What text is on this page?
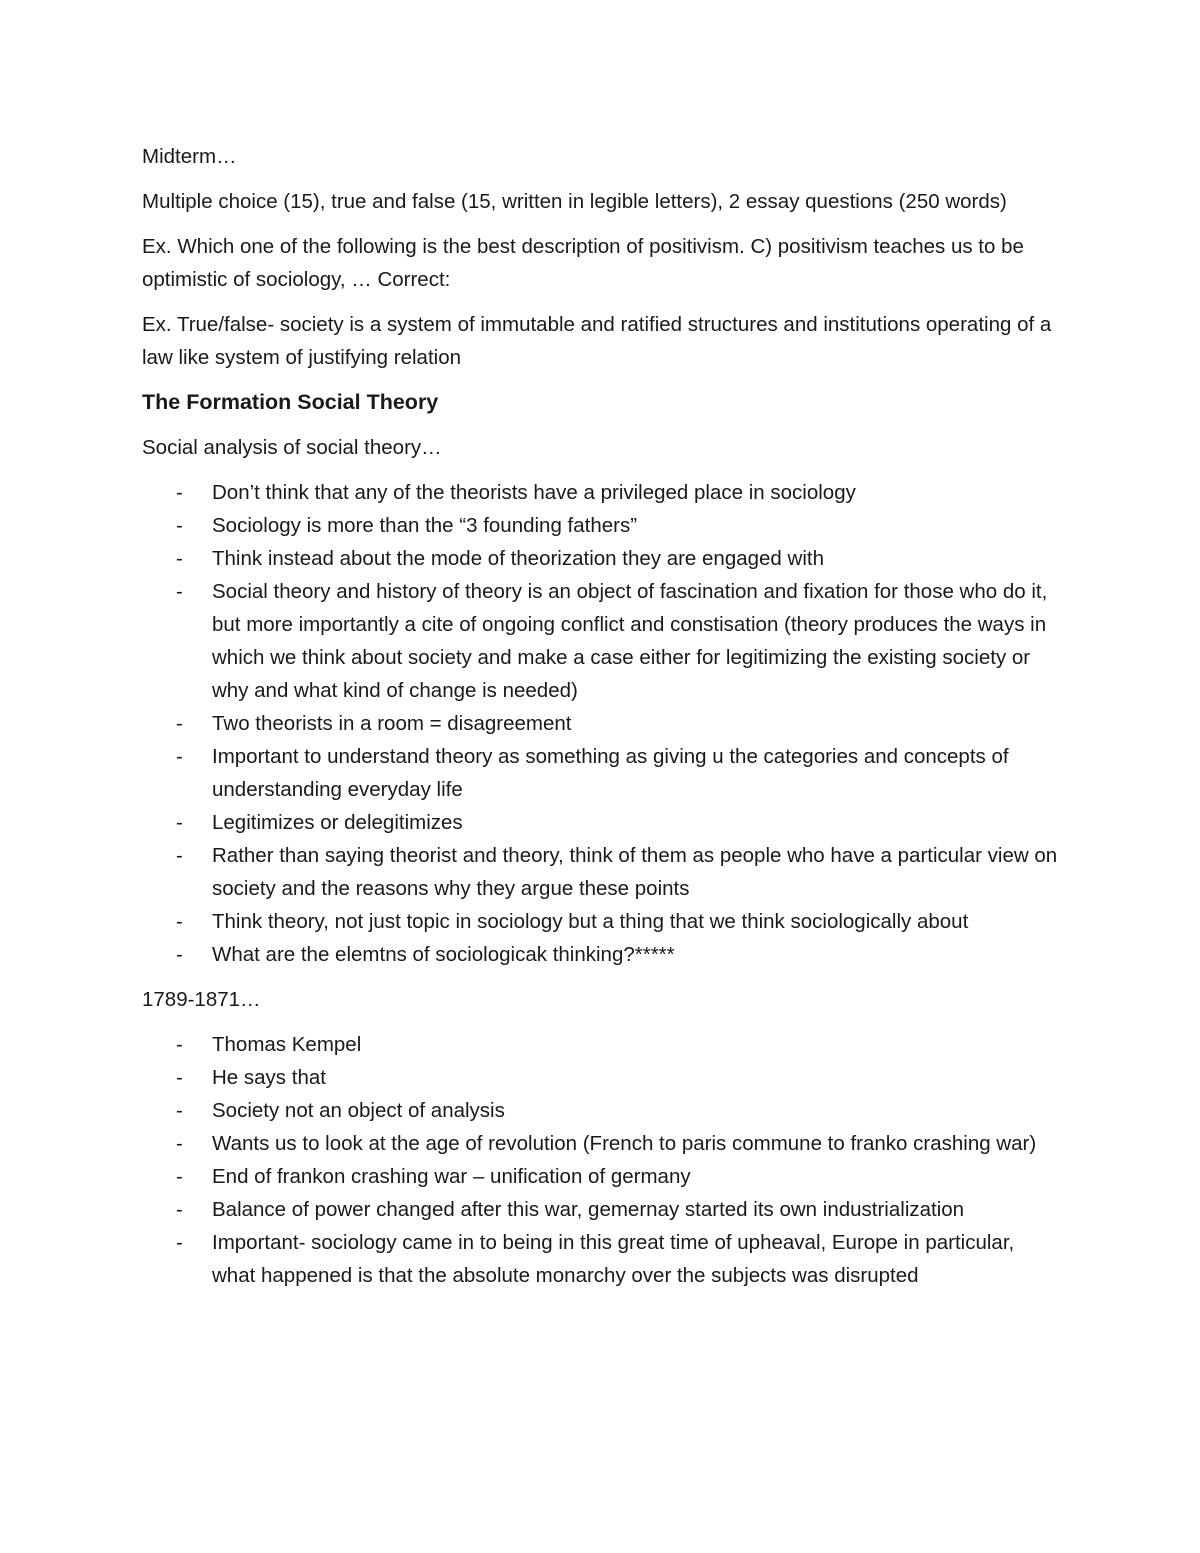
Midterm…

Multiple choice (15), true and false (15, written in legible letters), 2 essay questions (250 words)

Ex. Which one of the following is the best description of positivism. C) positivism teaches us to be optimistic of sociology, … Correct:

Ex. True/false- society is a system of immutable and ratified structures and institutions operating of a law like system of justifying relation

The Formation Social Theory

Social analysis of social theory…

- Don’t think that any of the theorists have a privileged place in sociology
- Sociology is more than the “3 founding fathers”
- Think instead about the mode of theorization they are engaged with
- Social theory and history of theory is an object of fascination and fixation for those who do it, but more importantly a cite of ongoing conflict and constisation (theory produces the ways in which we think about society and make a case either for legitimizing the existing society or why and what kind of change is needed)
- Two theorists in a room = disagreement
- Important to understand theory as something as giving u the categories and concepts of understanding everyday life
- Legitimizes or delegitimizes
- Rather than saying theorist and theory, think of them as people who have a particular view on society and the reasons why they argue these points
- Think theory, not just topic in sociology but a thing that we think sociologically about
- What are the elemtns of sociologicak thinking?*****

1789-1871…

- Thomas Kempel
- He says that
- Society not an object of analysis
- Wants us to look at the age of revolution (French to paris commune to franko crashing war)
- End of frankon crashing war – unification of germany
- Balance of power changed after this war, gemernay started its own industrialization
- Important- sociology came in to being in this great time of upheaval, Europe in particular, what happened is that the absolute monarchy over the subjects was disrupted
